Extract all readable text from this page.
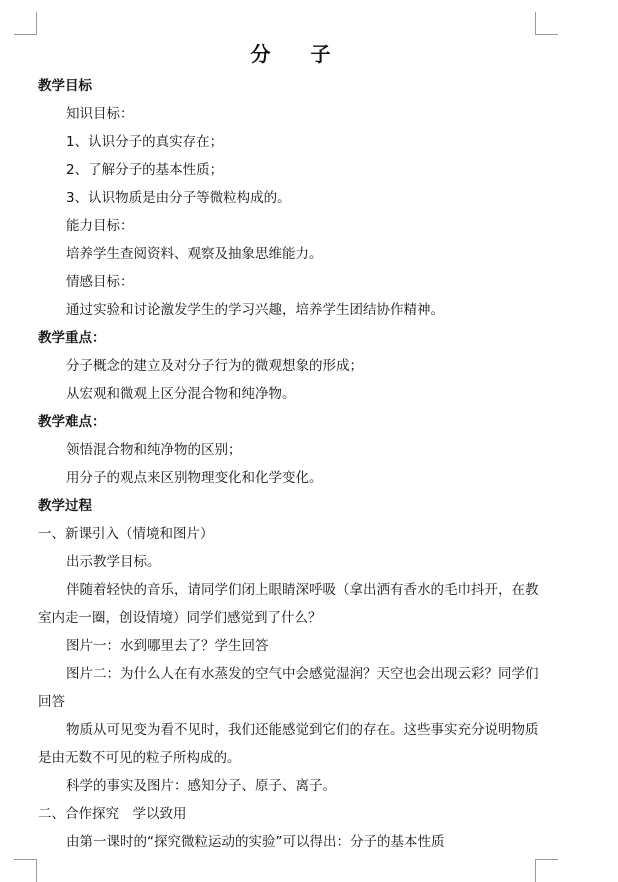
分 子
教学目标
知识目标：
1、认识分子的真实存在；
2、了解分子的基本性质；
3、认识物质是由分子等微粒构成的。
能力目标：
培养学生查阅资料、观察及抽象思维能力。
情感目标：
通过实验和讨论激发学生的学习兴趣，培养学生团结协作精神。
教学重点：
分子概念的建立及对分子行为的微观想象的形成；
从宏观和微观上区分混合物和纯净物。
教学难点：
领悟混合物和纯净物的区别；
用分子的观点来区别物理变化和化学变化。
教学过程
一、新课引入（情境和图片）
出示教学目标。
伴随着轻快的音乐，请同学们闭上眼睛深呼吸（拿出洒有香水的毛巾抖开，在教室内走一圈，创设情境）同学们感觉到了什么？
图片一：水到哪里去了？学生回答
图片二：为什么人在有水蒸发的空气中会感觉湿润？天空也会出现云彩？同学们回答
物质从可见变为看不见时，我们还能感觉到它们的存在。这些事实充分说明物质是由无数不可见的粒子所构成的。
科学的事实及图片：感知分子、原子、离子。
二、合作探究　学以致用
由第一课时的“探究微粒运动的实验”可以得出：分子的基本性质
